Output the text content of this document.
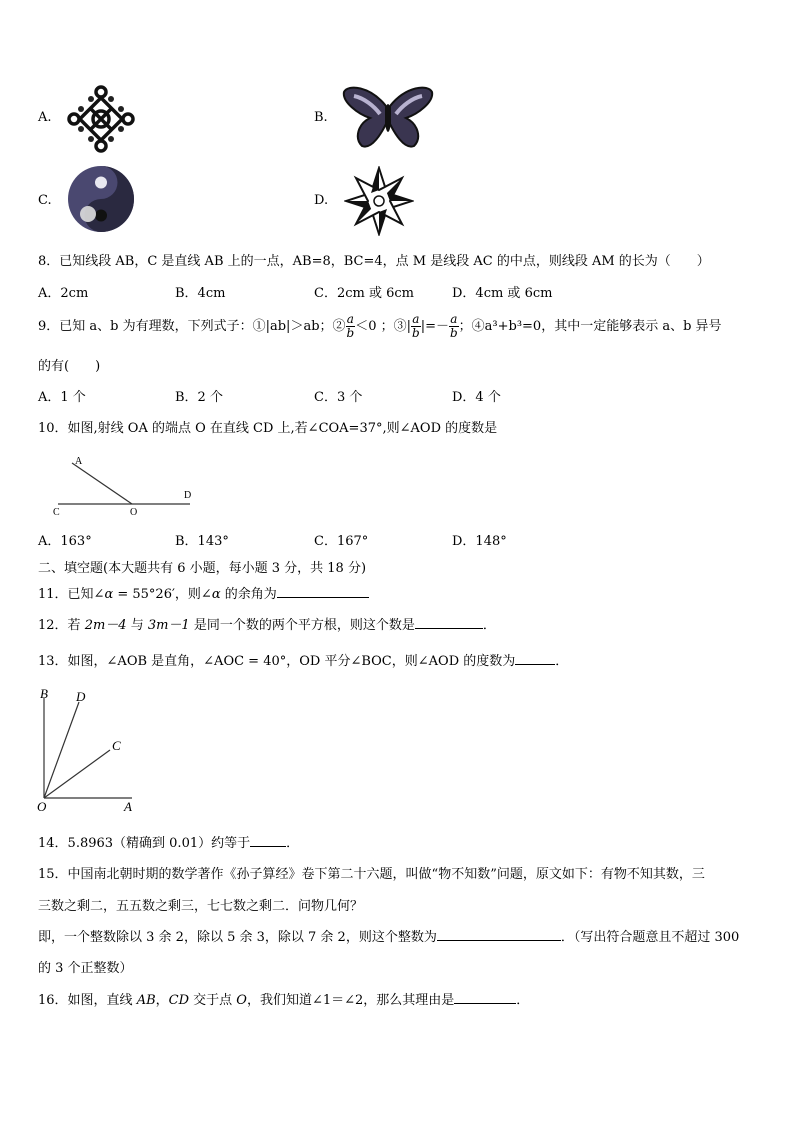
A.	B.
C.	D.
8．已知线段 AB，C 是直线 AB 上的一点，AB=8，BC=4，点 M 是线段 AC 的中点，则线段 AM 的长为（　　）
A．2cm	B．4cm	C．2cm 或 6cm	D．4cm 或 6cm
9．已知 a、b 为有理数，下列式子：①|ab|＞ab；② $\frac{a}{b} <0$ ；③| $\frac{a}{b}$ |=－ $\frac{a}{b}$ ；④a³+b³=0，其中一定能够表示 a、b 异号
的有(　　)
A．1 个	B．2 个	C．3 个	D．4 个
10．如图,射线 OA 的端点 O 在直线 CD 上,若∠COA=37°,则∠AOD 的度数是
A
O
C
D
A．163°	B．143°	C．167°	D．148°
二、填空题(本大题共有 6 小题，每小题 3 分，共 18 分)
11．已知∠α = 55°26′，则∠α 的余角为
12．若 2m－4 与 3m－1 是同一个数的两个平方根，则这个数是	．
13．如图，∠AOB 是直角，∠AOC = 40°，OD 平分∠BOC，则∠AOD 的度数为	．
B D
C
O	A
14．5.8963（精确到 0.01）约等于	．
15．中国南北朝时期的数学著作《孙子算经》卷下第二十六题，叫做“物不知数”问题，原文如下：有物不知其数，三
三数之剩二，五五数之剩三，七七数之剩二．问物几何？
即，一个整数除以 3 余 2，除以 5 余 3，除以 7 余 2，则这个整数为	．（写出符合题意且不超过 300
的 3 个正整数）
16．如图，直线 AB，CD 交于点 O，我们知道∠1＝∠2，那么其理由是	．
